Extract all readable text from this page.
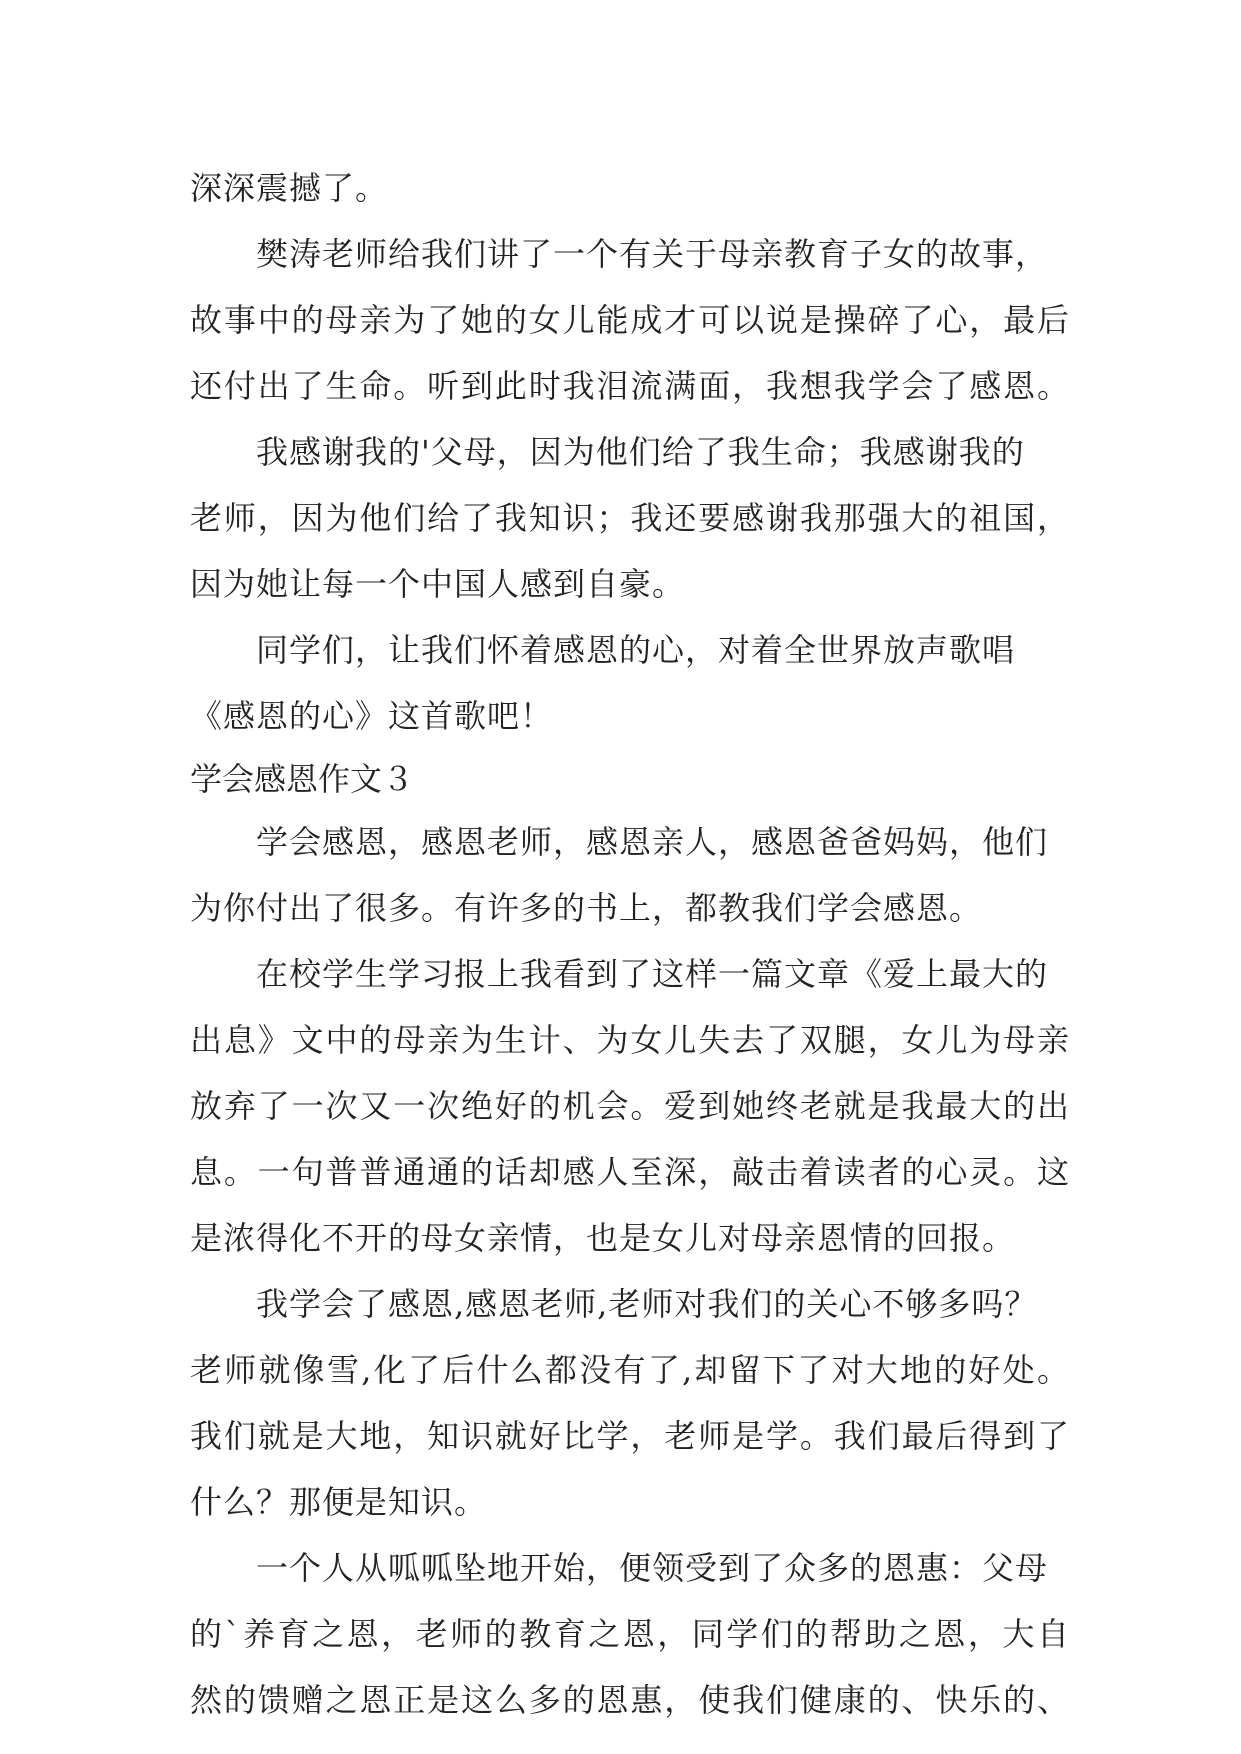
深深震撼了。
樊涛老师给我们讲了一个有关于母亲教育子女的故事，
故事中的母亲为了她的女儿能成才可以说是操碎了心，最后
还付出了生命。听到此时我泪流满面，我想我学会了感恩。
我感谢我的'父母，因为他们给了我生命；我感谢我的
老师，因为他们给了我知识；我还要感谢我那强大的祖国，
因为她让每一个中国人感到自豪。
同学们，让我们怀着感恩的心，对着全世界放声歌唱
《感恩的心》这首歌吧！
学会感恩作文３
学会感恩，感恩老师，感恩亲人，感恩爸爸妈妈，他们
为你付出了很多。有许多的书上，都教我们学会感恩。
在校学生学习报上我看到了这样一篇文章《爱上最大的
出息》文中的母亲为生计、为女儿失去了双腿，女儿为母亲
放弃了一次又一次绝好的机会。爱到她终老就是我最大的出
息。一句普普通通的话却感人至深，敲击着读者的心灵。这
是浓得化不开的母女亲情，也是女儿对母亲恩情的回报。
我学会了感恩,感恩老师,老师对我们的关心不够多吗？
老师就像雪,化了后什么都没有了,却留下了对大地的好处。
我们就是大地，知识就好比学，老师是学。我们最后得到了
什么？那便是知识。
一个人从呱呱坠地开始，便领受到了众多的恩惠：父母
的`养育之恩，老师的教育之恩，同学们的帮助之恩，大自
然的馈赠之恩正是这么多的恩惠，使我们健康的、快乐的、
